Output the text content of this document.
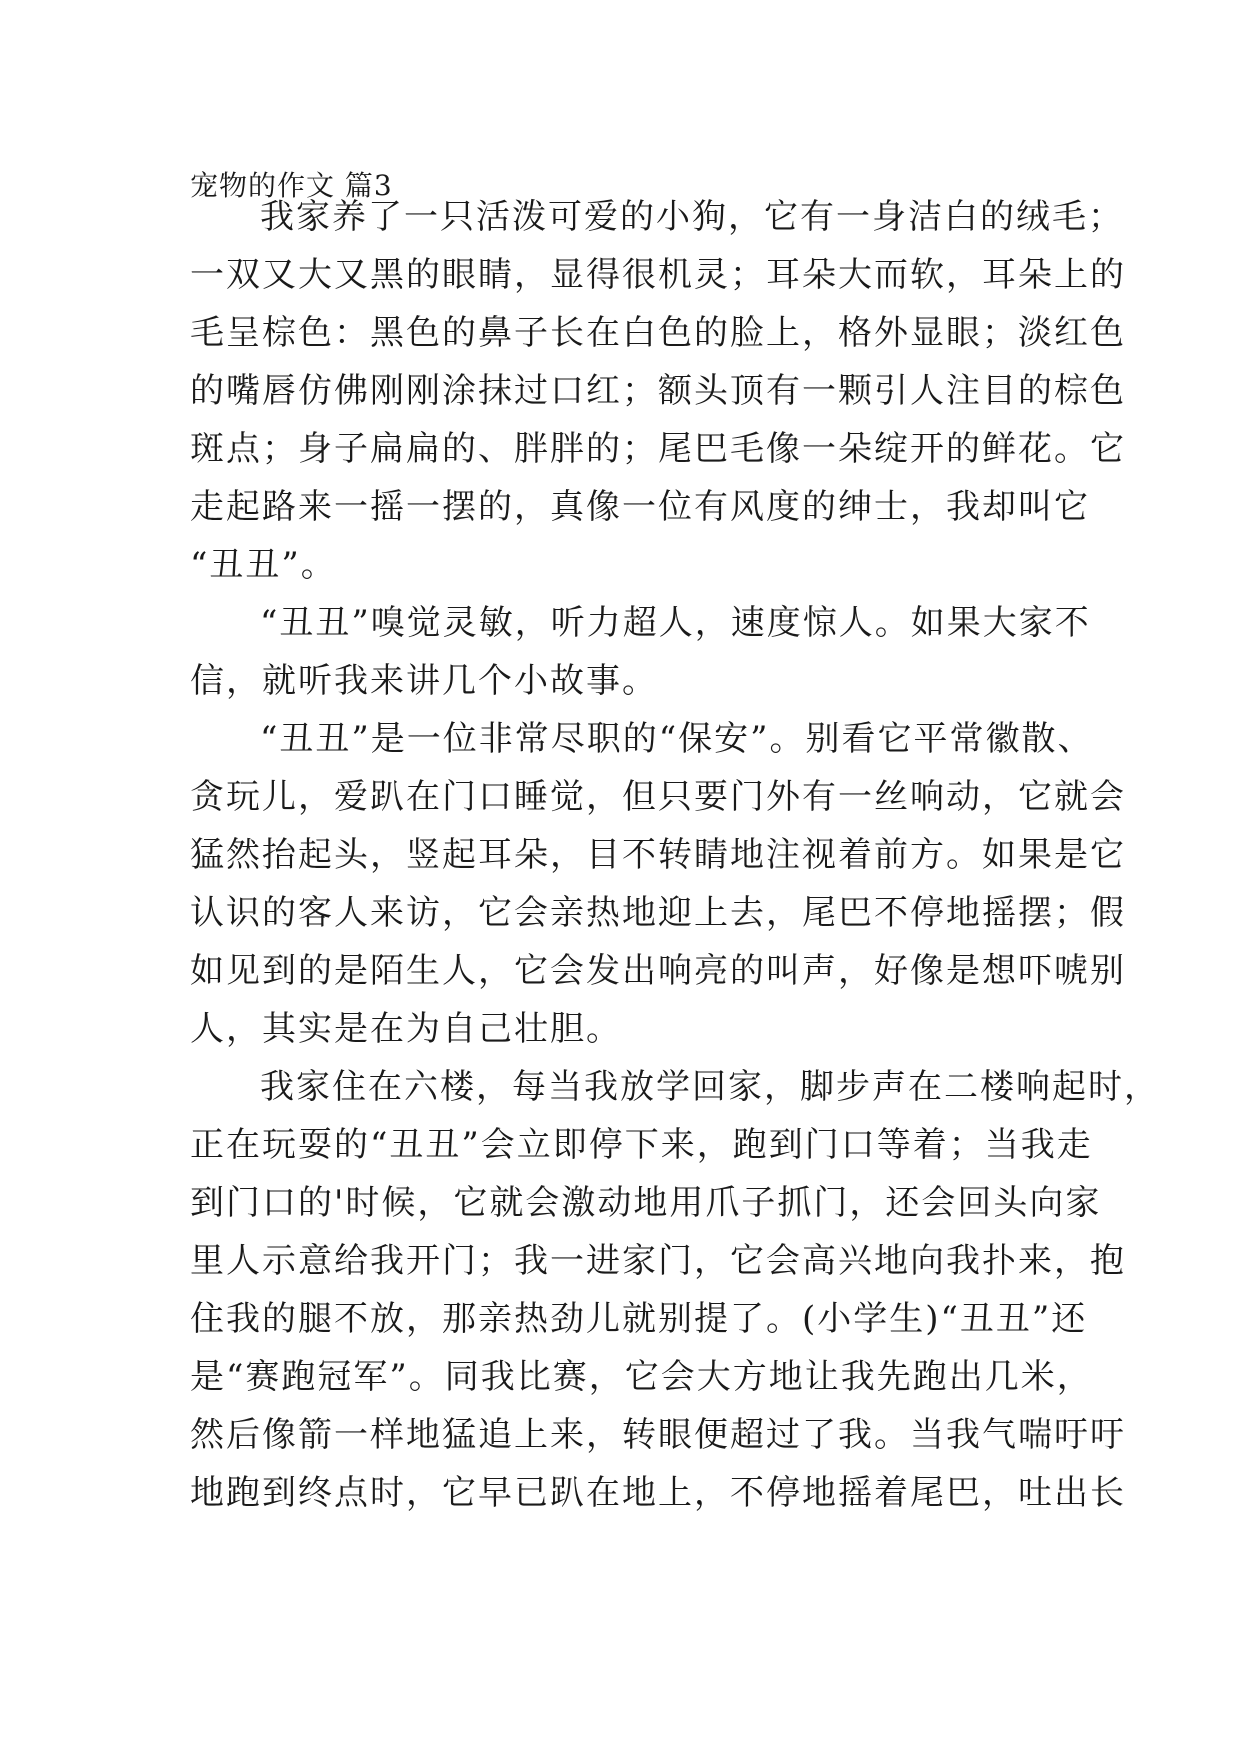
宠物的作文 篇3
我家养了一只活泼可爱的小狗，它有一身洁白的绒毛；
一双又大又黑的眼睛，显得很机灵；耳朵大而软，耳朵上的
毛呈棕色：黑色的鼻子长在白色的脸上，格外显眼；淡红色
的嘴唇仿佛刚刚涂抹过口红；额头顶有一颗引人注目的棕色
斑点；身子扁扁的、胖胖的；尾巴毛像一朵绽开的鲜花。它
走起路来一摇一摆的，真像一位有风度的绅士，我却叫它
“丑丑”。
“丑丑”嗅觉灵敏，听力超人，速度惊人。如果大家不
信，就听我来讲几个小故事。
“丑丑”是一位非常尽职的“保安”。别看它平常徽散、
贪玩儿，爱趴在门口睡觉，但只要门外有一丝响动，它就会
猛然抬起头，竖起耳朵，目不转睛地注视着前方。如果是它
认识的客人来访，它会亲热地迎上去，尾巴不停地摇摆；假
如见到的是陌生人，它会发出响亮的叫声，好像是想吓唬别
人，其实是在为自己壮胆。
我家住在六楼，每当我放学回家，脚步声在二楼响起时，
正在玩耍的“丑丑”会立即停下来，跑到门口等着；当我走
到门口的'时候，它就会激动地用爪子抓门，还会回头向家
里人示意给我开门；我一进家门，它会高兴地向我扑来，抱
住我的腿不放，那亲热劲儿就别提了。(小学生)“丑丑”还
是“赛跑冠军”。同我比赛，它会大方地让我先跑出几米，
然后像箭一样地猛追上来，转眼便超过了我。当我气喘吁吁
地跑到终点时，它早已趴在地上，不停地摇着尾巴，吐出长
